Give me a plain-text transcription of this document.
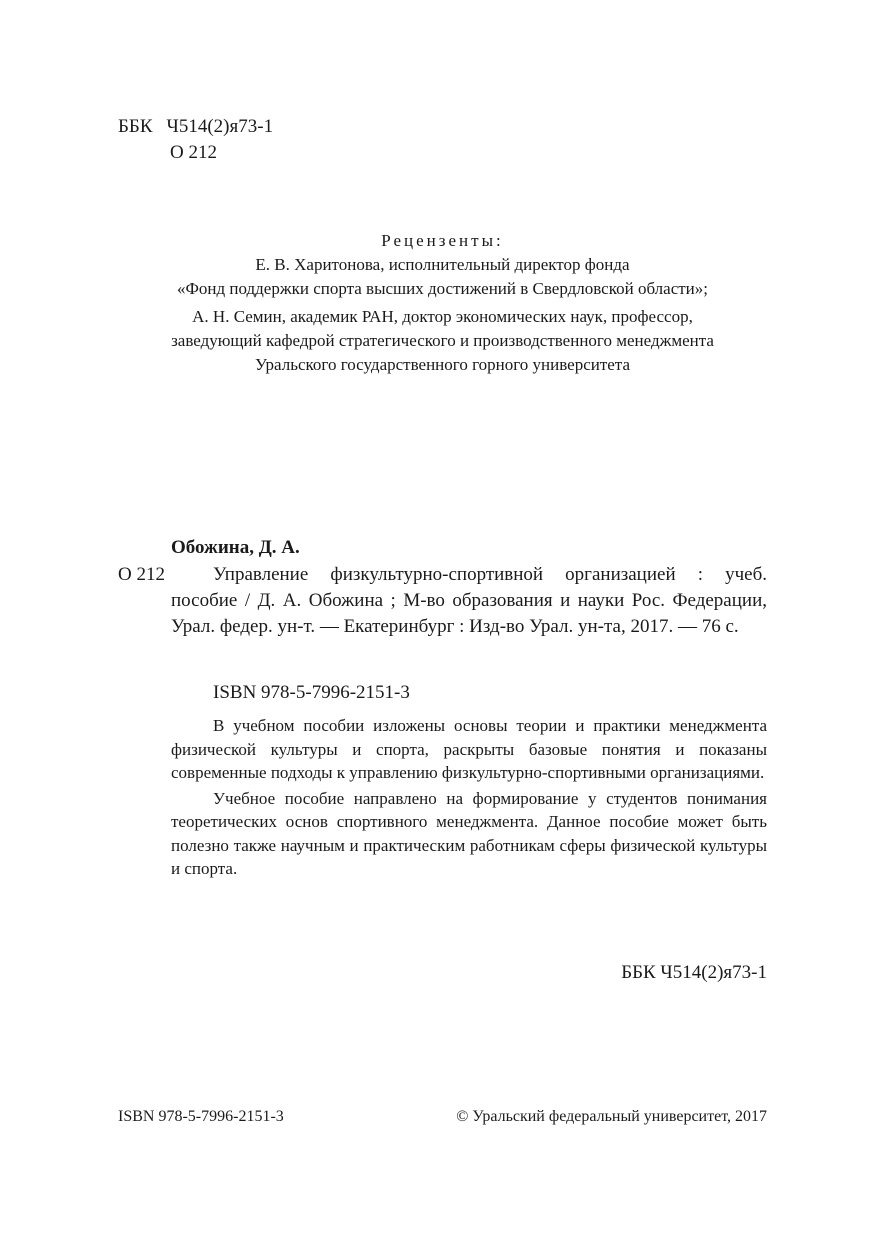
ББК Ч514(2)я73-1
О 212
Рецензенты:
Е. В. Харитонова, исполнительный директор фонда
«Фонд поддержки спорта высших достижений в Свердловской области»;
А. Н. Семин, академик РАН, доктор экономических наук, профессор,
заведующий кафедрой стратегического и производственного менеджмента
Уральского государственного горного университета
Обожина, Д. А.
О 212	Управление физкультурно-спортивной организацией : учеб. пособие / Д. А. Обожина ; М-во образования и науки Рос. Федерации, Урал. федер. ун-т. — Екатеринбург : Изд-во Урал. ун-та, 2017. — 76 с.
ISBN 978-5-7996-2151-3

В учебном пособии изложены основы теории и практики менеджмента физической культуры и спорта, раскрыты базовые понятия и показаны современные подходы к управлению физкультурно-спортивными организациями.

Учебное пособие направлено на формирование у студентов понимания теоретических основ спортивного менеджмента. Данное пособие может быть полезно также научным и практическим работникам сферы физической культуры и спорта.

ББК Ч514(2)я73-1
ISBN 978-5-7996-2151-3	© Уральский федеральный университет, 2017
